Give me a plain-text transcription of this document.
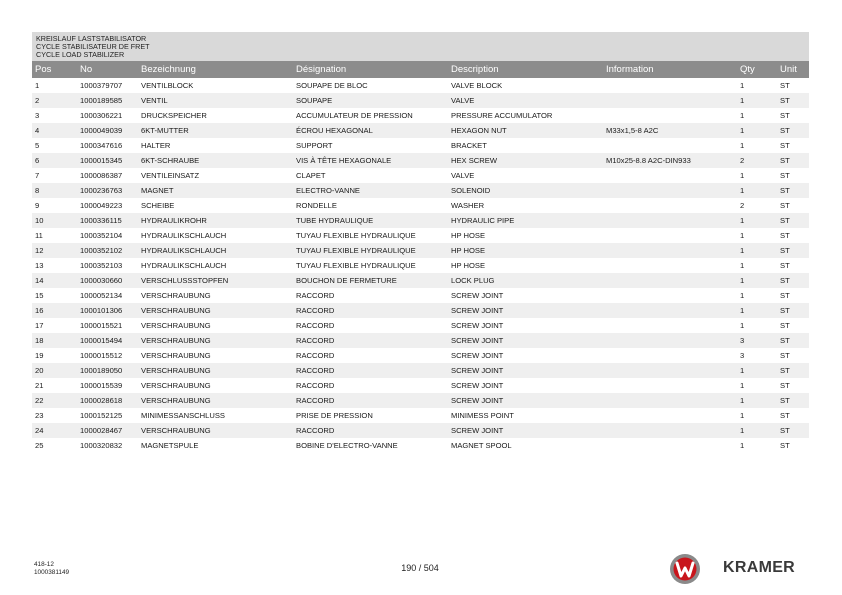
KREISLAUF LASTSTABILISATOR
CYCLE STABILISATEUR DE FRET
CYCLE LOAD STABILIZER
Pos	No	Bezeichnung	Désignation	Description	Information	Qty	Unit
1	1000379707	VENTILBLOCK	SOUPAPE DE BLOC	VALVE BLOCK		1	ST
2	1000189585	VENTIL	SOUPAPE	VALVE		1	ST
3	1000306221	DRUCKSPEICHER	ACCUMULATEUR DE PRESSION	PRESSURE ACCUMULATOR		1	ST
4	1000049039	6KT-MUTTER	ÉCROU HEXAGONAL	HEXAGON NUT	M33x1,5-8 A2C	1	ST
5	1000347616	HALTER	SUPPORT	BRACKET		1	ST
6	1000015345	6KT-SCHRAUBE	VIS À TÊTE HEXAGONALE	HEX SCREW	M10x25-8.8 A2C-DIN933	2	ST
7	1000086387	VENTILEINSATZ	CLAPET	VALVE		1	ST
8	1000236763	MAGNET	ELECTRO-VANNE	SOLENOID		1	ST
9	1000049223	SCHEIBE	RONDELLE	WASHER		2	ST
10	1000336115	HYDRAULIKROHR	TUBE HYDRAULIQUE	HYDRAULIC PIPE		1	ST
11	1000352104	HYDRAULIKSCHLAUCH	TUYAU FLEXIBLE HYDRAULIQUE	HP HOSE		1	ST
12	1000352102	HYDRAULIKSCHLAUCH	TUYAU FLEXIBLE HYDRAULIQUE	HP HOSE		1	ST
13	1000352103	HYDRAULIKSCHLAUCH	TUYAU FLEXIBLE HYDRAULIQUE	HP HOSE		1	ST
14	1000030660	VERSCHLUSSSTOPFEN	BOUCHON DE FERMETURE	LOCK PLUG		1	ST
15	1000052134	VERSCHRAUBUNG	RACCORD	SCREW JOINT		1	ST
16	1000101306	VERSCHRAUBUNG	RACCORD	SCREW JOINT		1	ST
17	1000015521	VERSCHRAUBUNG	RACCORD	SCREW JOINT		1	ST
18	1000015494	VERSCHRAUBUNG	RACCORD	SCREW JOINT		3	ST
19	1000015512	VERSCHRAUBUNG	RACCORD	SCREW JOINT		3	ST
20	1000189050	VERSCHRAUBUNG	RACCORD	SCREW JOINT		1	ST
21	1000015539	VERSCHRAUBUNG	RACCORD	SCREW JOINT		1	ST
22	1000028618	VERSCHRAUBUNG	RACCORD	SCREW JOINT		1	ST
23	1000152125	MINIMESSANSCHLUSS	PRISE DE PRESSION	MINIMESS POINT		1	ST
24	1000028467	VERSCHRAUBUNG	RACCORD	SCREW JOINT		1	ST
25	1000320832	MAGNETSPULE	BOBINE D'ELECTRO-VANNE	MAGNET SPOOL		1	ST
418-12
1000381149	190 / 504	KRAMER
